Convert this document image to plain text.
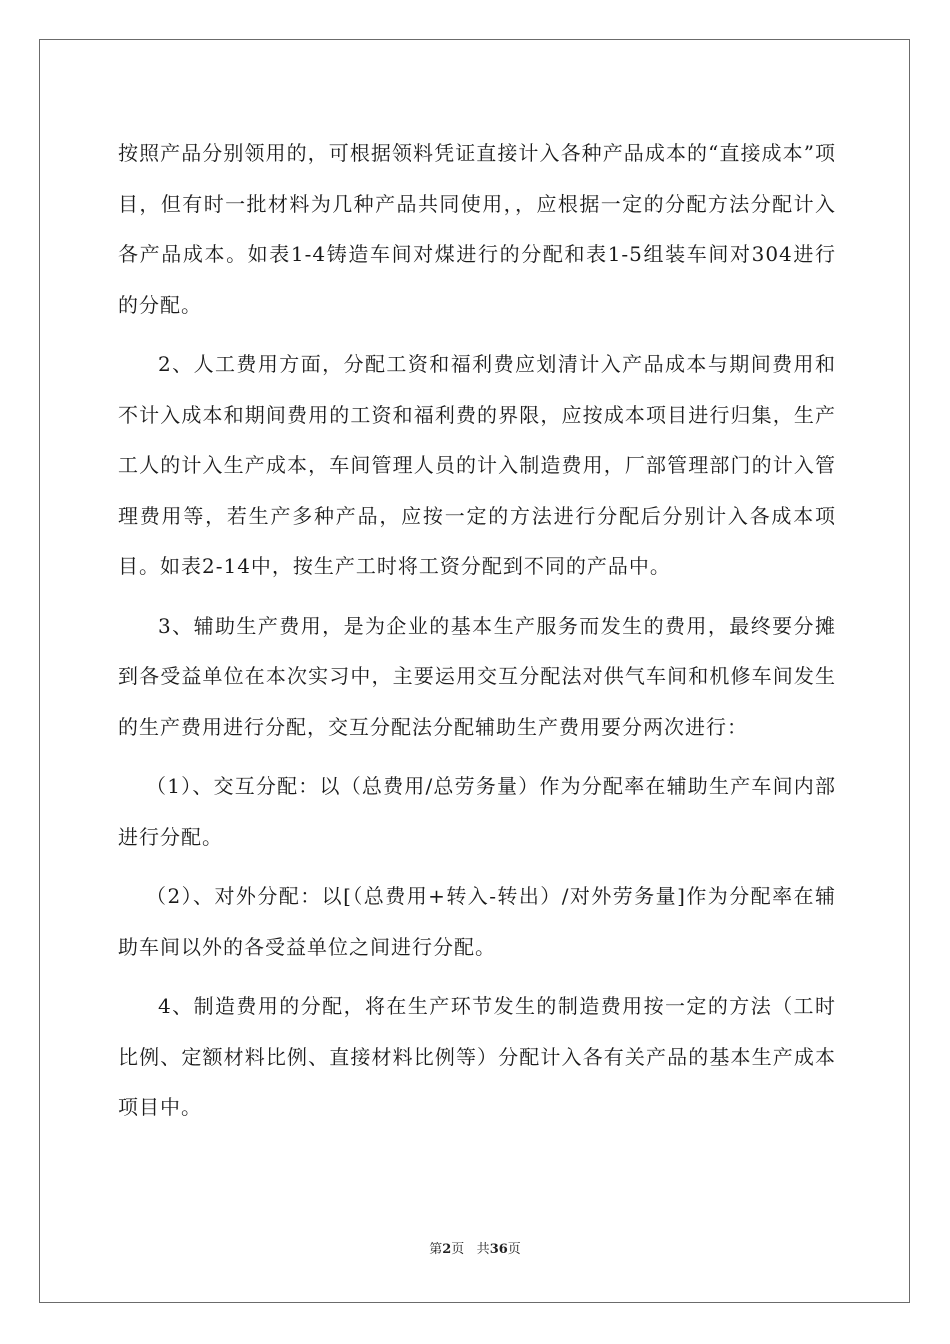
按照产品分别领用的，可根据领料凭证直接计入各种产品成本的“直接成本”项目，但有时一批材料为几种产品共同使用，，应根据一定的分配方法分配计入各产品成本。如表1-4铸造车间对煤进行的分配和表1-5组装车间对304进行的分配。

2、人工费用方面，分配工资和福利费应划清计入产品成本与期间费用和不计入成本和期间费用的工资和福利费的界限，应按成本项目进行归集，生产工人的计入生产成本，车间管理人员的计入制造费用，厂部管理部门的计入管理费用等，若生产多种产品，应按一定的方法进行分配后分别计入各成本项目。如表2-14中，按生产工时将工资分配到不同的产品中。

3、辅助生产费用，是为企业的基本生产服务而发生的费用，最终要分摊到各受益单位在本次实习中，主要运用交互分配法对供气车间和机修车间发生的生产费用进行分配，交互分配法分配辅助生产费用要分两次进行：

（1）、交互分配：以（总费用/总劳务量）作为分配率在辅助生产车间内部进行分配。

（2）、对外分配：以[（总费用+转入-转出）/对外劳务量]作为分配率在辅助车间以外的各受益单位之间进行分配。

4、制造费用的分配，将在生产环节发生的制造费用按一定的方法（工时比例、定额材料比例、直接材料比例等）分配计入各有关产品的基本生产成本项目中。

第2页 共36页
